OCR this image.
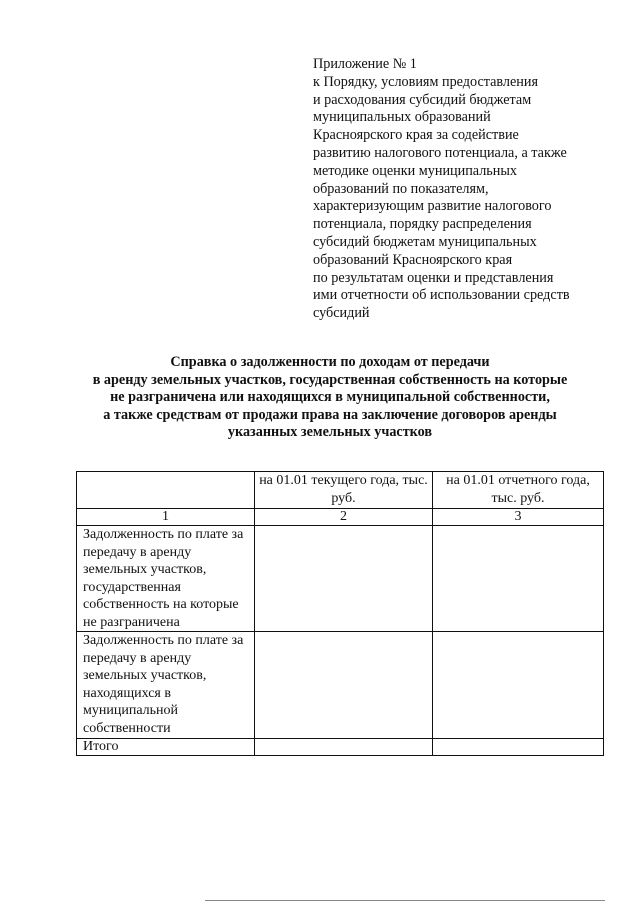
Приложение № 1
к Порядку, условиям предоставления
и расходования субсидий бюджетам
муниципальных образований
Красноярского края за содействие
развитию налогового потенциала, а также
методике оценки муниципальных
образований по показателям,
характеризующим развитие налогового
потенциала, порядку распределения
субсидий бюджетам муниципальных
образований Красноярского края
по результатам оценки и представления
ими отчетности об использовании средств
субсидий
Справка о задолженности по доходам от передачи
в аренду земельных участков, государственная собственность на которые
не разграничена или находящихся в муниципальной собственности,
а также средствам от продажи права на заключение договоров аренды
указанных земельных участков
	на 01.01 текущего года, тыс. руб.	на 01.01 отчетного года, тыс. руб.
1	2	3
Задолженность по плате за передачу в аренду земельных участков, государственная собственность на которые не разграничена		
Задолженность по плате за передачу в аренду земельных участков, находящихся в муниципальной собственности		
Итого		
